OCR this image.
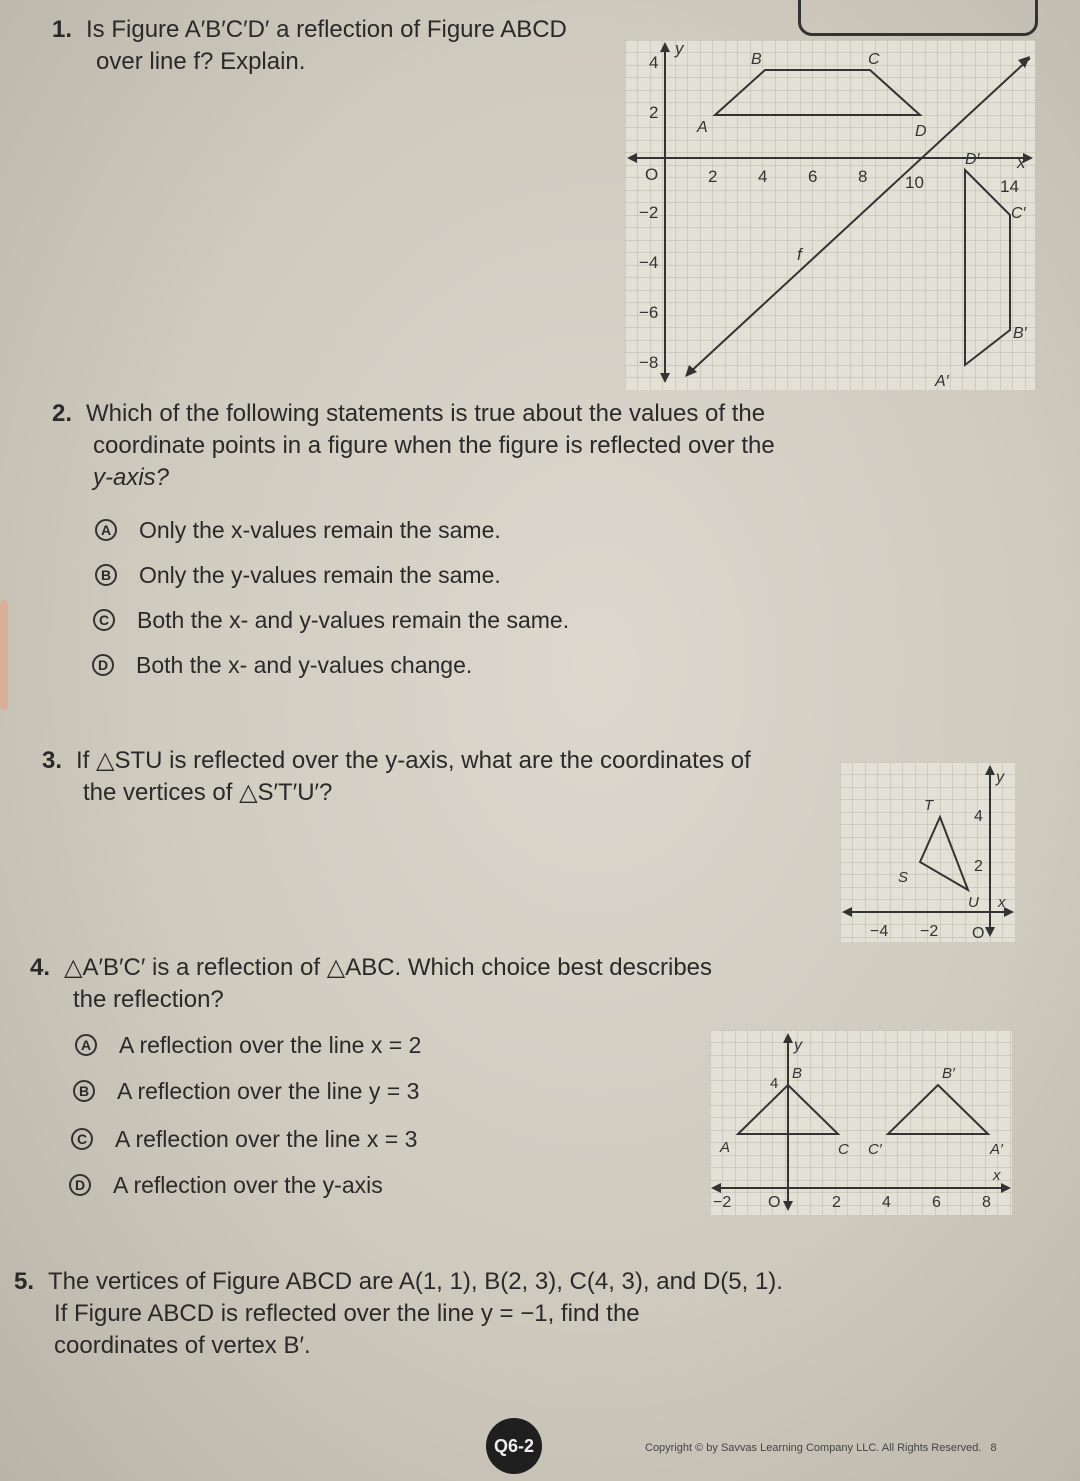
1. Is Figure A′B′C′D′ a reflection of Figure ABCD
over line f? Explain.	y
x
f
4
2
−2
−4
−6
−8
O	2 4 6 8 10	14
A
B	C
D
A′
B′
C′
D′
2. Which of the following statements is true about the values of the
coordinate points in a figure when the figure is reflected over the
y-axis?
A Only the x-values remain the same.
B Only the y-values remain the same.
C Both the x- and y-values remain the same.
D Both the x- and y-values change.
3. If △STU is reflected over the y-axis, what are the coordinates of
the vertices of △S′T′U′?
y
x
O
4
2
−4 −2
S
T
U
4. △A′B′C′ is a reflection of △ABC. Which choice best describes
the reflection?
A A reflection over the line x = 2
B A reflection over the line y = 3
C A reflection over the line x = 3
D A reflection over the y-axis
y
x
O
4
−2	2	4	6	8
A
B
C	A′
B′
C′
5. The vertices of Figure ABCD are A(1, 1), B(2, 3), C(4, 3), and D(5, 1).
If Figure ABCD is reflected over the line y = −1, find the
coordinates of vertex B′.
Q6-2	Copyright © by Savvas Learning Company LLC. All Rights Reserved. 8
